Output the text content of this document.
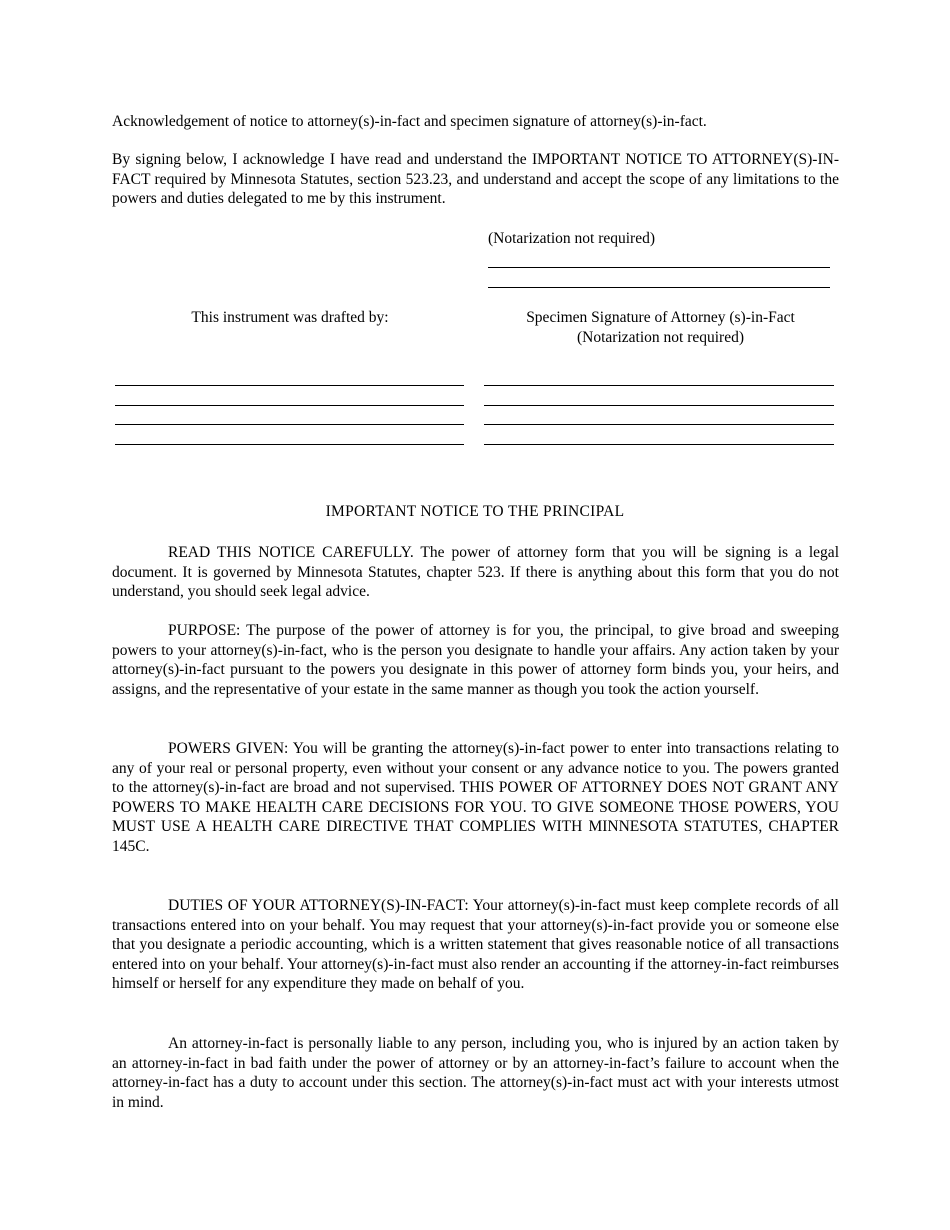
Acknowledgement of notice to attorney(s)-in-fact and specimen signature of attorney(s)-in-fact.

By signing below, I acknowledge I have read and understand the IMPORTANT NOTICE TO ATTORNEY(S)-IN-FACT required by Minnesota Statutes, section 523.23, and understand and accept the scope of any limitations to the powers and duties delegated to me by this instrument.

(Notarization not required)
This instrument was drafted by:	Specimen Signature of Attorney (s)-in-Fact
(Notarization not required)
IMPORTANT NOTICE TO THE PRINCIPAL

READ THIS NOTICE CAREFULLY. The power of attorney form that you will be signing is a legal document. It is governed by Minnesota Statutes, chapter 523. If there is anything about this form that you do not understand, you should seek legal advice.

PURPOSE: The purpose of the power of attorney is for you, the principal, to give broad and sweeping powers to your attorney(s)-in-fact, who is the person you designate to handle your affairs. Any action taken by your attorney(s)-in-fact pursuant to the powers you designate in this power of attorney form binds you, your heirs, and assigns, and the representative of your estate in the same manner as though you took the action yourself.

POWERS GIVEN: You will be granting the attorney(s)-in-fact power to enter into transactions relating to any of your real or personal property, even without your consent or any advance notice to you. The powers granted to the attorney(s)-in-fact are broad and not supervised. THIS POWER OF ATTORNEY DOES NOT GRANT ANY POWERS TO MAKE HEALTH CARE DECISIONS FOR YOU. TO GIVE SOMEONE THOSE POWERS, YOU MUST USE A HEALTH CARE DIRECTIVE THAT COMPLIES WITH MINNESOTA STATUTES, CHAPTER 145C.

DUTIES OF YOUR ATTORNEY(S)-IN-FACT: Your attorney(s)-in-fact must keep complete records of all transactions entered into on your behalf. You may request that your attorney(s)-in-fact provide you or someone else that you designate a periodic accounting, which is a written statement that gives reasonable notice of all transactions entered into on your behalf. Your attorney(s)-in-fact must also render an accounting if the attorney-in-fact reimburses himself or herself for any expenditure they made on behalf of you.

An attorney-in-fact is personally liable to any person, including you, who is injured by an action taken by an attorney-in-fact in bad faith under the power of attorney or by an attorney-in-fact’s failure to account when the attorney-in-fact has a duty to account under this section. The attorney(s)-in-fact must act with your interests utmost in mind.
